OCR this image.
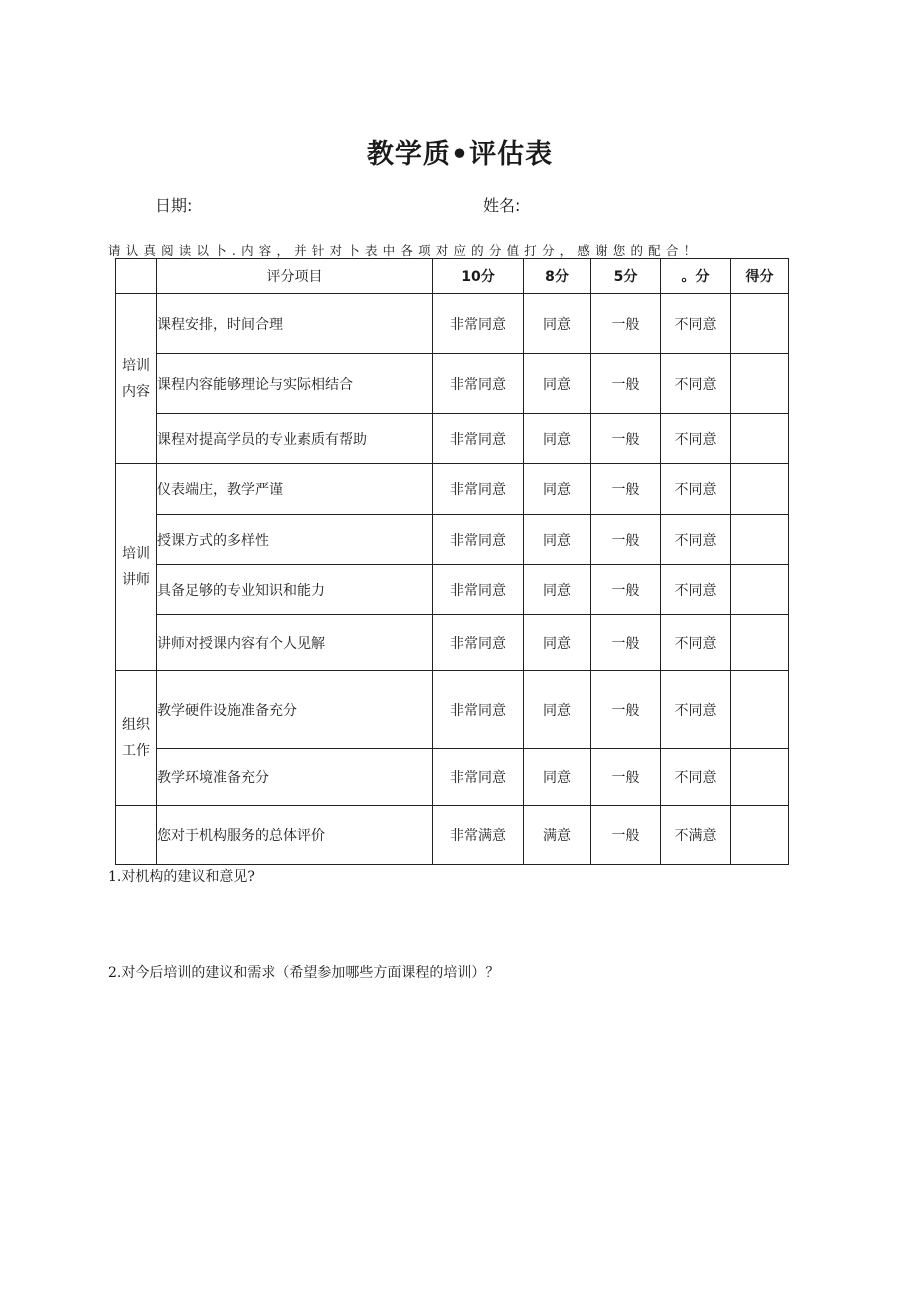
教学质•评估表
日期:	姓名:
请认真阅读以卜.内容，并针对卜表中各项对应的分值打分，感谢您的配合！
	评分项目	10分	8分	5分	。分	得分
培训内容	课程安排，时间合理	非常同意	同意	一般	不同意	
	课程内容能够理论与实际相结合	非常同意	同意	一般	不同意	
	课程对提高学员的专业素质有帮助	非常同意	同意	一般	不同意	
培训讲师	仪表端庄，教学严谨	非常同意	同意	一般	不同意	
	授课方式的多样性	非常同意	同意	一般	不同意	
	具备足够的专业知识和能力	非常同意	同意	一般	不同意	
	讲师对授课内容有个人见解	非常同意	同意	一般	不同意	
组织工作	教学硬件设施准备充分	非常同意	同意	一般	不同意	
	教学环境准备充分	非常同意	同意	一般	不同意	
	您对于机构服务的总体评价	非常满意	满意	一般	不满意	
1.对机构的建议和意见?
2.对今后培训的建议和需求（希望参加哪些方面课程的培训）？
